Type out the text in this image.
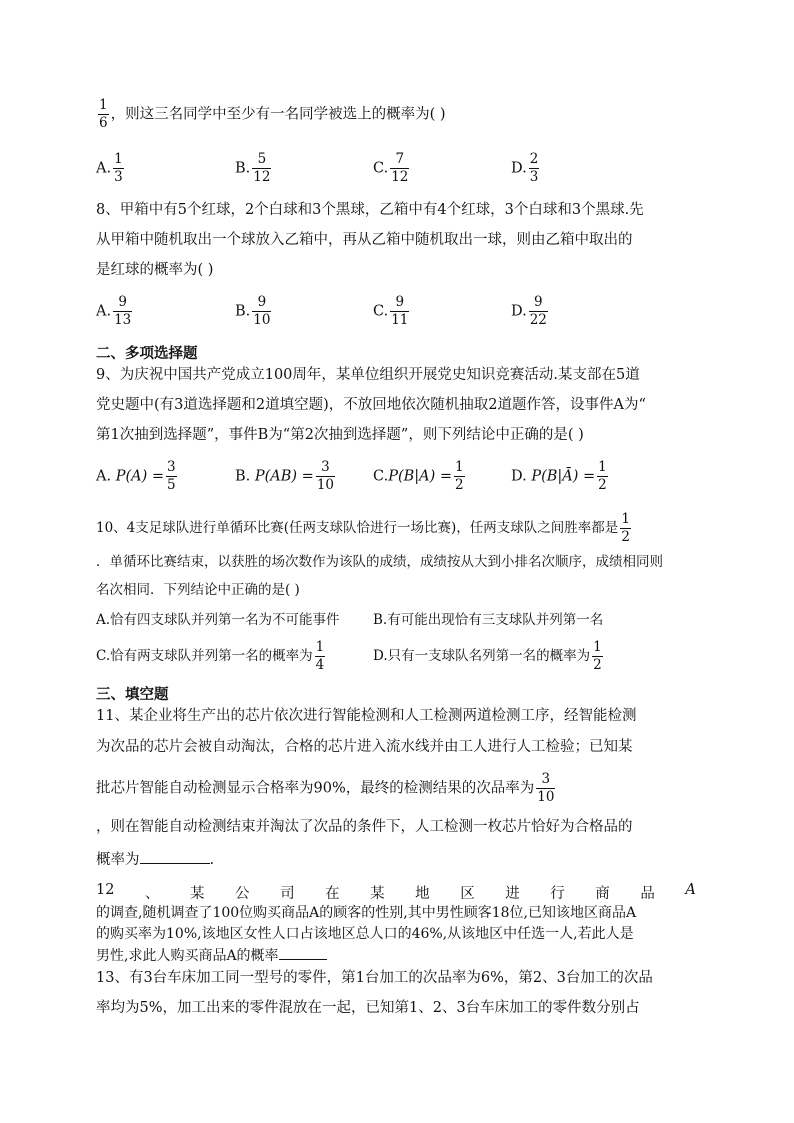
$\frac{1}{6}$ ，则这三名同学中至少有一名同学被选上的概率为( )
A. $\frac{1}{3}$	B. $\frac{5}{12}$	C. $\frac{7}{12}$	D. $\frac{2}{3}$
8、甲箱中有5个红球，2个白球和3个黑球，乙箱中有4个红球，3个白球和3个黑球.先
从甲箱中随机取出一个球放入乙箱中，再从乙箱中随机取出一球，则由乙箱中取出的
是红球的概率为( )
A. $\frac{9}{13}$	B. $\frac{9}{10}$	C. $\frac{9}{11}$	D. $\frac{9}{22}$
二、多项选择题
9、为庆祝中国共产党成立100周年，某单位组织开展党史知识竞赛活动.某支部在5道
党史题中(有3道选择题和2道填空题)，不放回地依次随机抽取2道题作答，设事件A为“
第1次抽到选择题”，事件B为“第2次抽到选择题”，则下列结论中正确的是( )
A. $P(A) = \frac{3}{5}$	B. $P(AB) = \frac{3}{10}$	$C.P(B|A) = \frac{1}{2}$	D. P(B|Ā) = $\frac{1}{2}$
10、4支足球队进行单循环比赛(任两支球队恰进行一场比赛)，任两支球队之间胜率都是 $\frac{1}{2}$
．单循环比赛结束，以获胜的场次数作为该队的成绩，成绩按从大到小排名次顺序，成绩相同则
名次相同．下列结论中正确的是( )
A.恰有四支球队并列第一名为不可能事件 B.有可能出现恰有三支球队并列第一名
C.恰有两支球队并列第一名的概率为 $\frac{1}{4}$	D.只有一支球队名列第一名的概率为 $\frac{1}{2}$
三、填空题
11、某企业将生产出的芯片依次进行智能检测和人工检测两道检测工序，经智能检测
为次品的芯片会被自动淘汰，合格的芯片进入流水线并由工人进行人工检验；已知某
批芯片智能自动检测显示合格率为90%，最终的检测结果的次品率为 $\frac{3}{10}$
，则在智能自动检测结束并淘汰了次品的条件下，人工检测一枚芯片恰好为合格品的
概率为	.
12 、 某 公 司 在 某 地 区 进 行 商 品 A
的调查,随机调查了100位购买商品A的顾客的性别,其中男性顾客18位,已知该地区商品A
的购买率为10%,该地区女性人口占该地区总人口的46%,从该地区中任选一人,若此人是
男性,求此人购买商品A的概率
13、有3台车床加工同一型号的零件，第1台加工的次品率为6%，第2、3台加工的次品
率均为5%，加工出来的零件混放在一起，已知第1、2、3台车床加工的零件数分别占
